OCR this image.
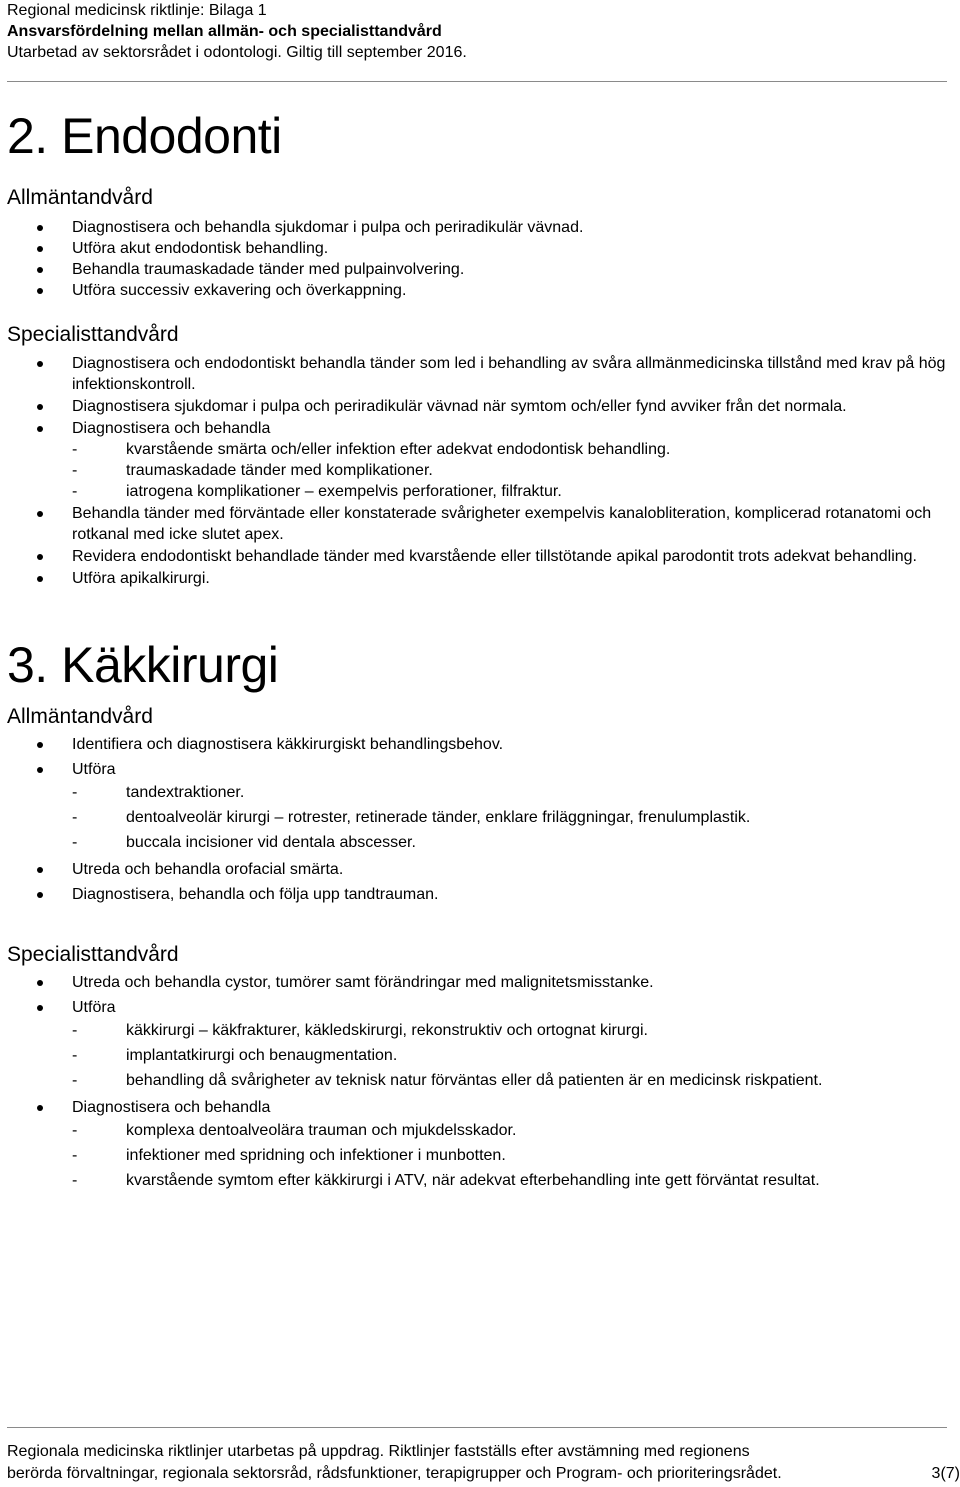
Regional medicinsk riktlinje: Bilaga 1
Ansvarsfördelning mellan allmän- och specialisttandvård
Utarbetad av sektorsrådet i odontologi. Giltig till september 2016.
2. Endodonti
Allmäntandvård
Diagnostisera och behandla sjukdomar i pulpa och periradikulär vävnad.
Utföra akut endodontisk behandling.
Behandla traumaskadade tänder med pulpainvolvering.
Utföra successiv exkavering och överkappning.
Specialisttandvård
Diagnostisera och endodontiskt behandla tänder som led i behandling av svåra allmänmedicinska tillstånd med krav på hög infektionskontroll.
Diagnostisera sjukdomar i pulpa och periradikulär vävnad när symtom och/eller fynd avviker från det normala.
Diagnostisera och behandla
- kvarstående smärta och/eller infektion efter adekvat endodontisk behandling.
- traumaskadade tänder med komplikationer.
- iatrogena komplikationer – exempelvis perforationer, filfraktur.
Behandla tänder med förväntade eller konstaterade svårigheter exempelvis kanalobliteration, komplicerad rotanatomi och rotkanal med icke slutet apex.
Revidera endodontiskt behandlade tänder med kvarstående eller tillstötande apikal parodontit trots adekvat behandling.
Utföra apikalkirurgi.
3. Käkkirurgi
Allmäntandvård
Identifiera och diagnostisera käkkirurgiskt behandlingsbehov.
Utföra
- tandextraktioner.
- dentoalveolär kirurgi – rotrester, retinerade tänder, enklare friläggningar, frenulumplastik.
- buccala incisioner vid dentala abscesser.
Utreda och behandla orofacial smärta.
Diagnostisera, behandla och följa upp tandtrauman.
Specialisttandvård
Utreda och behandla cystor, tumörer samt förändringar med malignitetsmisstanke.
Utföra
- käkkirurgi – käkfrakturer, käkledskirurgi, rekonstruktiv och ortognat kirurgi.
- implantatkirurgi och benaugmentation.
- behandling då svårigheter av teknisk natur förväntas eller då patienten är en medicinsk riskpatient.
Diagnostisera och behandla
- komplexa dentoalveolära trauman och mjukdelsskador.
- infektioner med spridning och infektioner i munbotten.
- kvarstående symtom efter käkkirurgi i ATV, när adekvat efterbehandling inte gett förväntat resultat.
Regionala medicinska riktlinjer utarbetas på uppdrag. Riktlinjer fastställs efter avstämning med regionens
berörda förvaltningar, regionala sektorsråd, rådsfunktioner, terapigrupper och Program- och prioriteringsrådet.	3(7)
